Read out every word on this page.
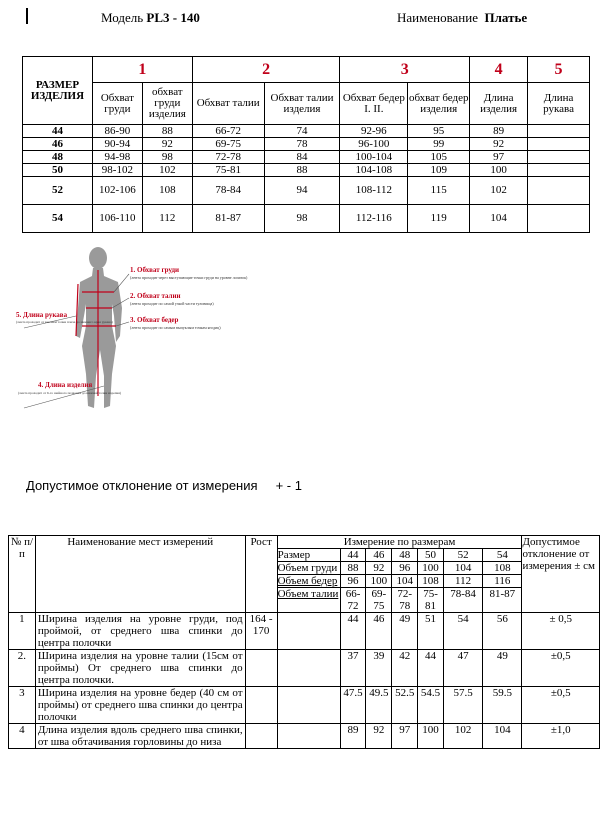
Модель PL3 - 140	Наименование Платье
РАЗМЕР ИЗДЕЛИЯ	1		2		3		4	5
	Обхват груди	обхват груди изделия	Обхват талии	Обхват талии изделия	Обхват бедер I. II.	обхват бедер изделия	Длина изделия	Длина рукава
44	86-90	88	66-72	74	92-96	95	89	
46	90-94	92	69-75	78	96-100	99	92	
48	94-98	98	72-78	84	100-104	105	97	
50	98-102	102	75-81	88	104-108	109	100	
52	102-106	108	78-84	94	108-112	115	102	
54	106-110	112	81-87	98	112-116	119	104	
1. Обхват груди
(лента проходит через выступающие точки груди на уровне лопаток)
2. Обхват талии
(лента проходит по самой узкой части туловища)
3. Обхват бедер
(лента проходит по самым выпуклым точкам ягодиц)
5. Длина рукава
(лента проходит от высшей точки плеча до нижнего края рукава)
4. Длина изделия
(лента проходит от 6-го шейного позвонка до нижней точки изделия)
Допустимое отклонение от измерения + - 1
№ п/п	Наименование мест измерений	Рост	Измерение по размерам							Допустимое отклонение от измерения ± см
			Размер	44	46	48	50	52	54	
			Объем груди	88	92	96	100	104	108	
			Объем бедер	96	100	104	108	112	116	
			Объем талии	66-72	69-75	72-78	75-81	78-84	81-87	
1	Ширина изделия на уровне груди, под проймой, от среднего шва спинки до центра полочки	164 - 170		44	46	49	51	54	56	± 0,5
2.	Ширина изделия на уровне талии (15см от проймы) От среднего шва спинки до центра полочки.			37	39	42	44	47	49	±0,5
3	Ширина изделия на уровне бедер (40 см от проймы) от среднего шва спинки до центра полочки			47.5	49.5	52.5	54.5	57.5	59.5	±0,5
4	Длина изделия вдоль среднего шва спинки, от шва обтачивания горловины до низа			89	92	97	100	102	104	±1,0
